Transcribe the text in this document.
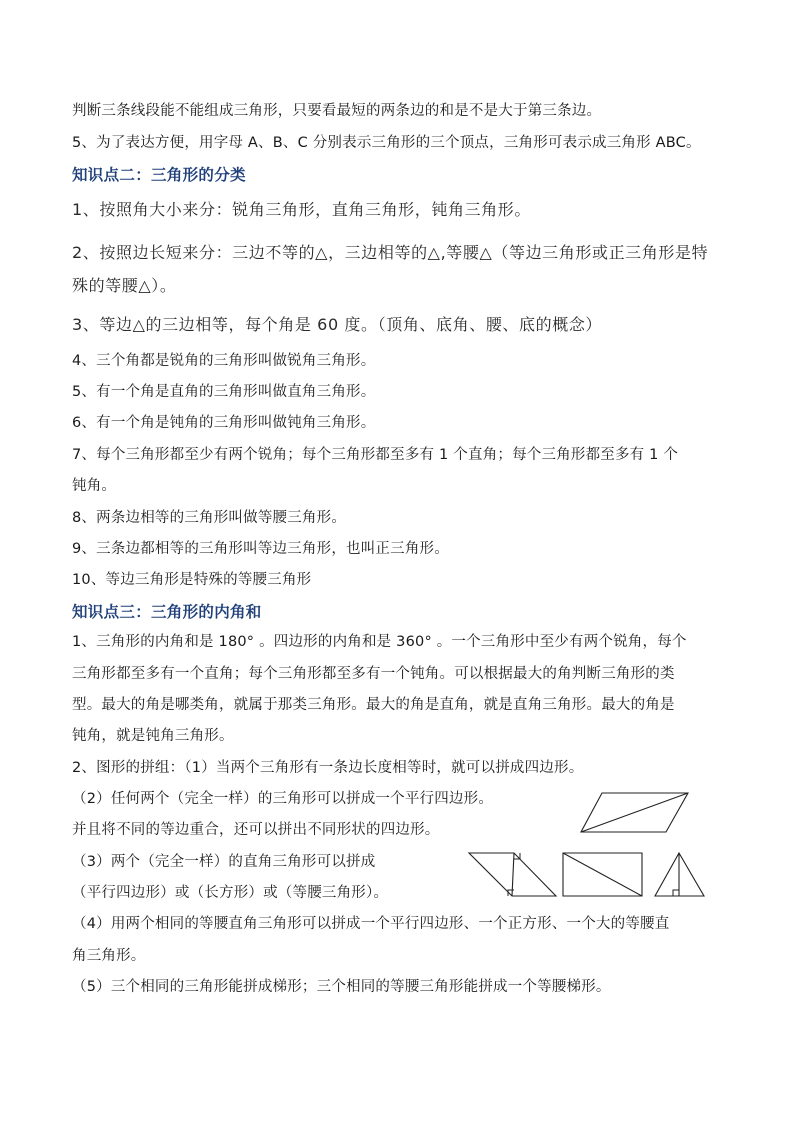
判断三条线段能不能组成三角形，只要看最短的两条边的和是不是大于第三条边。
5、为了表达方便，用字母 A、B、C 分别表示三角形的三个顶点，三角形可表示成三角形 ABC。
知识点二：三角形的分类
1、按照角大小来分：锐角三角形，直角三角形，钝角三角形。
2、按照边长短来分：三边不等的△，三边相等的△,等腰△（等边三角形或正三角形是特
殊的等腰△）。
3、等边△的三边相等，每个角是 60 度。（顶角、底角、腰、底的概念）
4、三个角都是锐角的三角形叫做锐角三角形。
5、有一个角是直角的三角形叫做直角三角形。
6、有一个角是钝角的三角形叫做钝角三角形。
7、每个三角形都至少有两个锐角；每个三角形都至多有 1 个直角；每个三角形都至多有 1 个
钝角。
8、两条边相等的三角形叫做等腰三角形。
9、三条边都相等的三角形叫等边三角形，也叫正三角形。
10、等边三角形是特殊的等腰三角形
知识点三：三角形的内角和
1、三角形的内角和是 180° 。四边形的内角和是 360° 。一个三角形中至少有两个锐角，每个
三角形都至多有一个直角；每个三角形都至多有一个钝角。可以根据最大的角判断三角形的类
型。最大的角是哪类角，就属于那类三角形。最大的角是直角，就是直角三角形。最大的角是
钝角，就是钝角三角形。
2、图形的拼组：（1）当两个三角形有一条边长度相等时，就可以拼成四边形。
（2）任何两个（完全一样）的三角形可以拼成一个平行四边形。
并且将不同的等边重合，还可以拼出不同形状的四边形。
（3）两个（完全一样）的直角三角形可以拼成
（平行四边形）或（长方形）或（等腰三角形）。
（4）用两个相同的等腰直角三角形可以拼成一个平行四边形、一个正方形、一个大的等腰直
角三角形。
（5）三个相同的三角形能拼成梯形；三个相同的等腰三角形能拼成一个等腰梯形。
